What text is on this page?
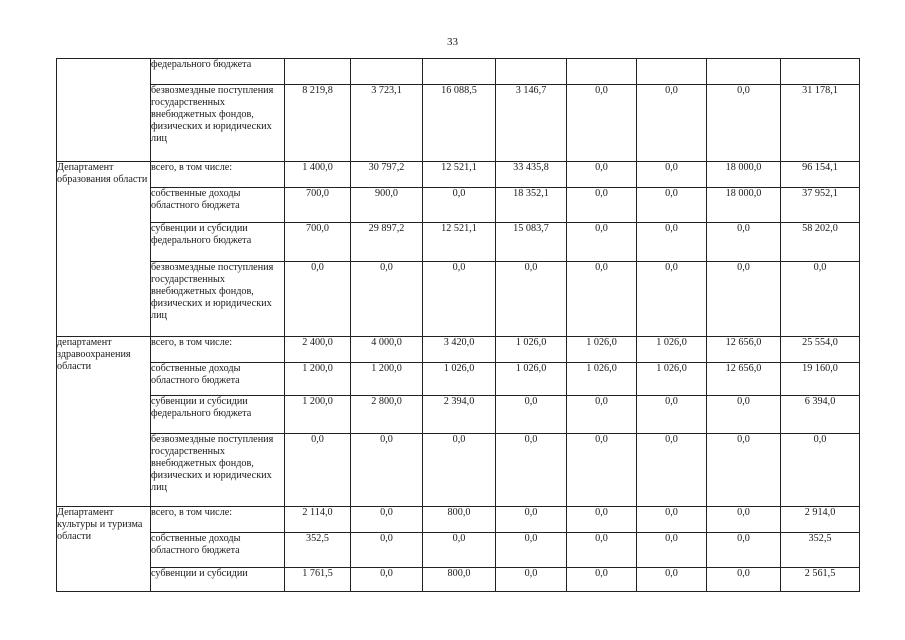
33
	федерального бюджета								
	безвозмездные поступления государственных внебюджетных фондов, физических и юридических лиц	8 219,8	3 723,1	16 088,5	3 146,7	0,0	0,0	0,0	31 178,1
Департамент образования области	всего, в том числе:	1 400,0	30 797,2	12 521,1	33 435,8	0,0	0,0	18 000,0	96 154,1
	собственные доходы областного бюджета	700,0	900,0	0,0	18 352,1	0,0	0,0	18 000,0	37 952,1
	субвенции и субсидии федерального бюджета	700,0	29 897,2	12 521,1	15 083,7	0,0	0,0	0,0	58 202,0
	безвозмездные поступления государственных внебюджетных фондов, физических и юридических лиц	0,0	0,0	0,0	0,0	0,0	0,0	0,0	0,0
департамент здравоохранения области	всего, в том числе:	2 400,0	4 000,0	3 420,0	1 026,0	1 026,0	1 026,0	12 656,0	25 554,0
	собственные доходы областного бюджета	1 200,0	1 200,0	1 026,0	1 026,0	1 026,0	1 026,0	12 656,0	19 160,0
	субвенции и субсидии федерального бюджета	1 200,0	2 800,0	2 394,0	0,0	0,0	0,0	0,0	6 394,0
	безвозмездные поступления государственных внебюджетных фондов, физических и юридических лиц	0,0	0,0	0,0	0,0	0,0	0,0	0,0	0,0
Департамент культуры и туризма области	всего, в том числе:	2 114,0	0,0	800,0	0,0	0,0	0,0	0,0	2 914,0
	собственные доходы областного бюджета	352,5	0,0	0,0	0,0	0,0	0,0	0,0	352,5
	субвенции и субсидии	1 761,5	0,0	800,0	0,0	0,0	0,0	0,0	2 561,5
